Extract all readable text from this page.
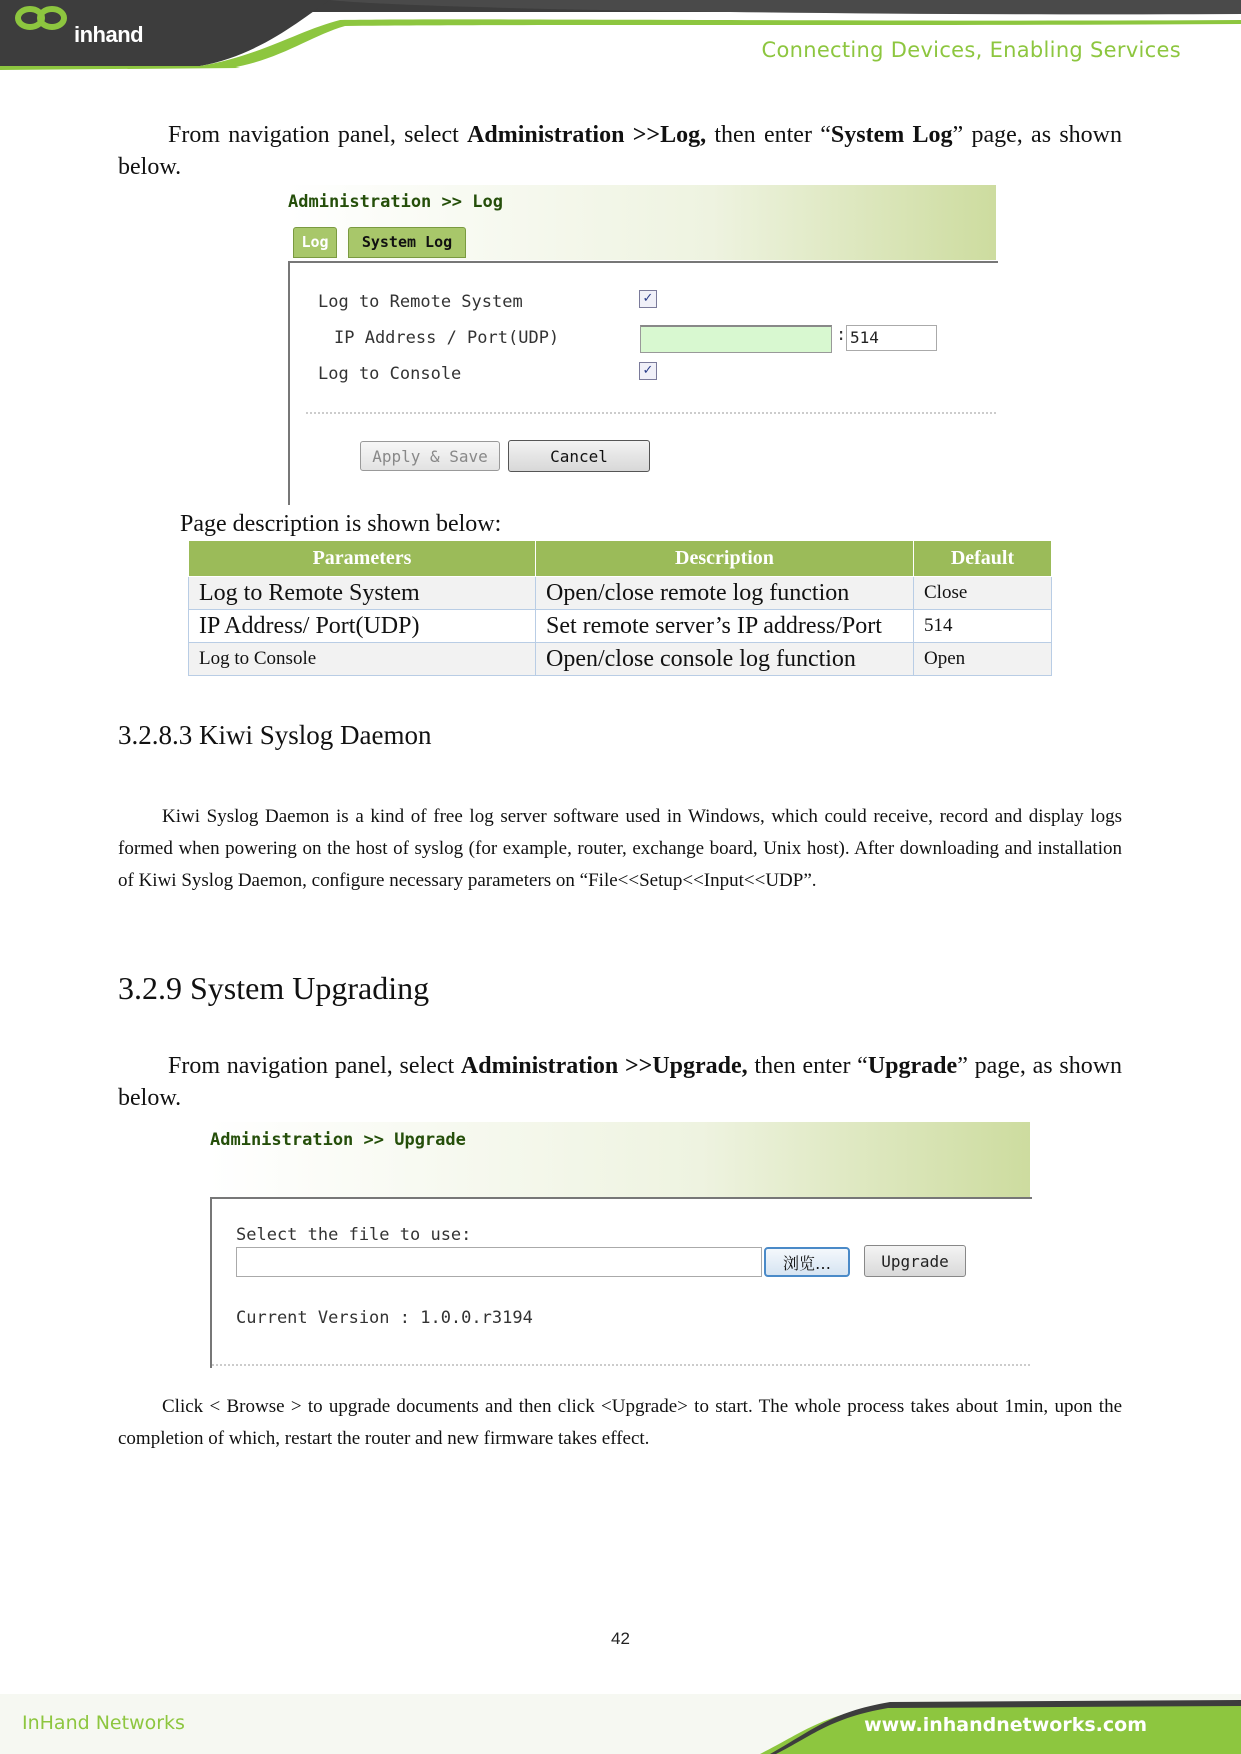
inhand
Connecting Devices, Enabling Services
From navigation panel, select Administration >>Log, then enter “System Log” page, as shown below.
Administration >> Log
Log	System Log
Log to Remote System	✓
IP Address / Port(UDP)	: 514
Log to Console	✓
Apply & Save	Cancel
Page description is shown below:
Parameters	Description	Default
Log to Remote System	Open/close remote log function	Close
IP Address/ Port(UDP)	Set remote server’s IP address/Port	514
Log to Console	Open/close console log function	Open
3.2.8.3 Kiwi Syslog Daemon
Kiwi Syslog Daemon is a kind of free log server software used in Windows, which could receive, record and display logs formed when powering on the host of syslog (for example, router, exchange board, Unix host). After downloading and installation of Kiwi Syslog Daemon, configure necessary parameters on “File<<Setup<<Input<<UDP”.
3.2.9 System Upgrading
From navigation panel, select Administration >>Upgrade, then enter “Upgrade” page, as shown below.
Administration >> Upgrade
Select the file to use:
浏览…	Upgrade
Current Version : 1.0.0.r3194
Click < Browse > to upgrade documents and then click <Upgrade> to start. The whole process takes about 1min, upon the completion of which, restart the router and new firmware takes effect.
42
InHand Networks	www.inhandnetworks.com
